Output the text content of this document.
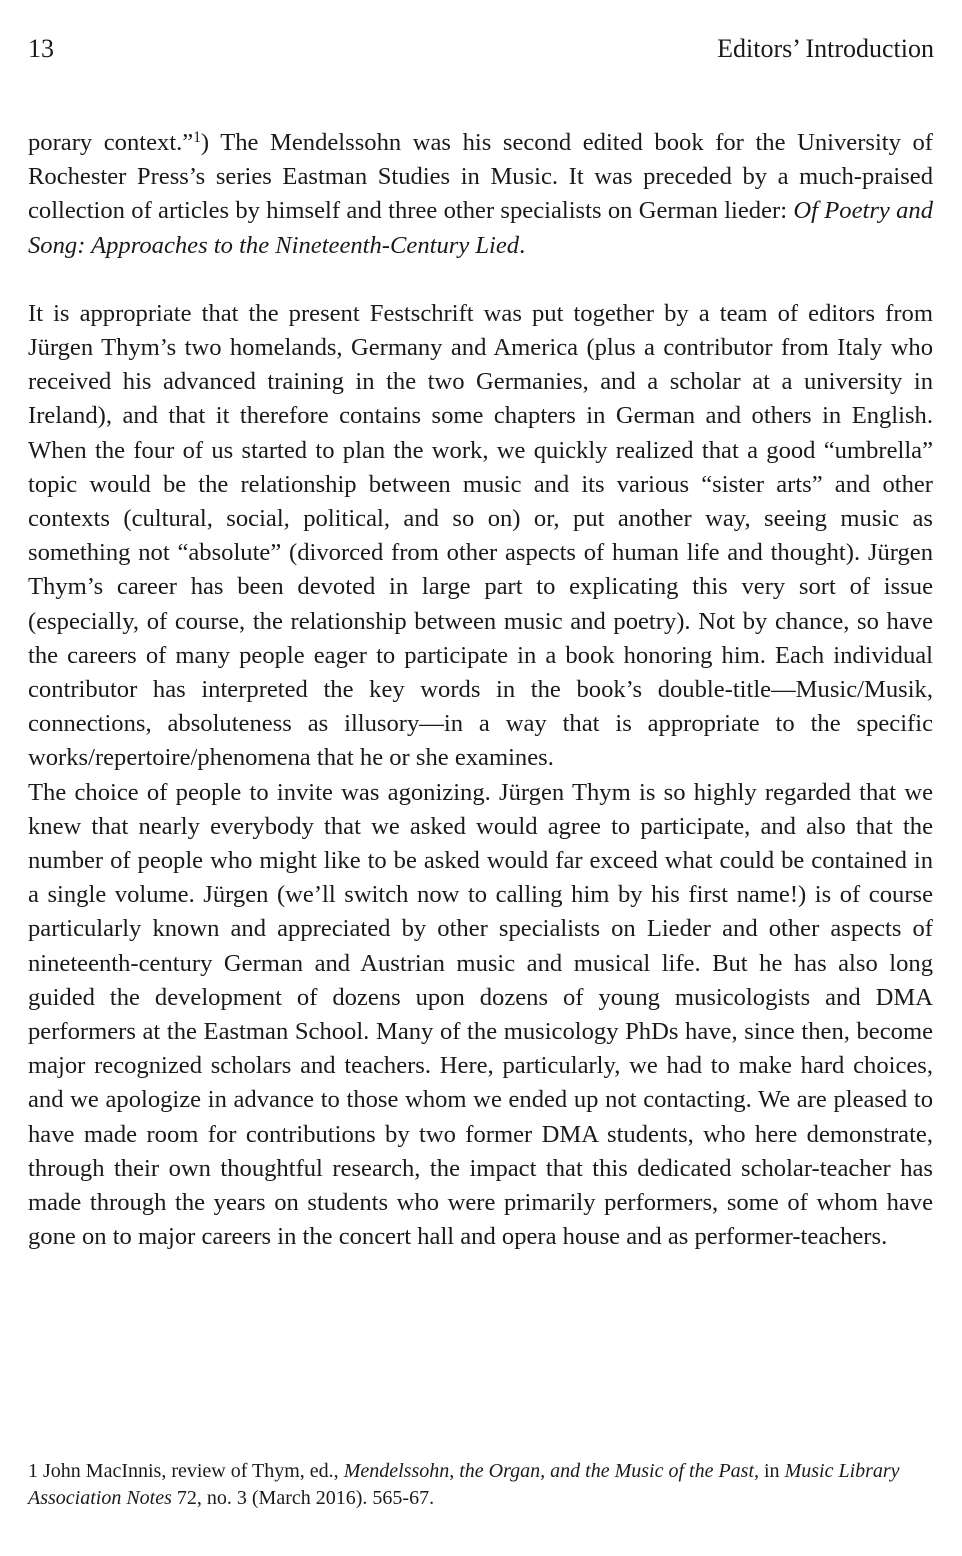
13	Editors’ Introduction

porary context.”$^1$) The Mendelssohn was his second edited book for the University of Rochester Press’s series Eastman Studies in Music. It was preceded by a much-praised collection of articles by himself and three other specialists on German lieder: Of Poetry and Song: Approaches to the Nineteenth-Century Lied.

It is appropriate that the present Festschrift was put together by a team of editors from Jürgen Thym’s two homelands, Germany and America (plus a contributor from Italy who received his advanced training in the two Germanies, and a scholar at a university in Ireland), and that it therefore contains some chapters in German and others in English. When the four of us started to plan the work, we quickly realized that a good “umbrella” topic would be the relationship between music and its various “sister arts” and other contexts (cultural, social, political, and so on) or, put another way, seeing music as something not “absolute” (divorced from other aspects of human life and thought). Jürgen Thym’s career has been devoted in large part to explicating this very sort of issue (especially, of course, the relationship between music and poetry). Not by chance, so have the careers of many people eager to participate in a book honoring him. Each individual contributor has interpreted the key words in the book’s double-title—Music/Musik, connections, absoluteness as illusory—in a way that is appropriate to the specific works/repertoire/phenomena that he or she examines.

The choice of people to invite was agonizing. Jürgen Thym is so highly regarded that we knew that nearly everybody that we asked would agree to participate, and also that the number of people who might like to be asked would far exceed what could be contained in a single volume. Jürgen (we’ll switch now to calling him by his first name!) is of course particularly known and appreciated by other specialists on Lieder and other aspects of nineteenth-century German and Austrian music and musical life. But he has also long guided the development of dozens upon dozens of young musicologists and DMA performers at the Eastman School. Many of the musicology PhDs have, since then, become major recognized scholars and teachers. Here, particularly, we had to make hard choices, and we apologize in advance to those whom we ended up not contacting. We are pleased to have made room for contributions by two former DMA students, who here demonstrate, through their own thoughtful research, the impact that this dedicated scholar-teacher has made through the years on students who were primarily performers, some of whom have gone on to major careers in the concert hall and opera house and as performer-teachers.

1 John MacInnis, review of Thym, ed., Mendelssohn, the Organ, and the Music of the Past, in Music Library Association Notes 72, no. 3 (March 2016). 565-67.
